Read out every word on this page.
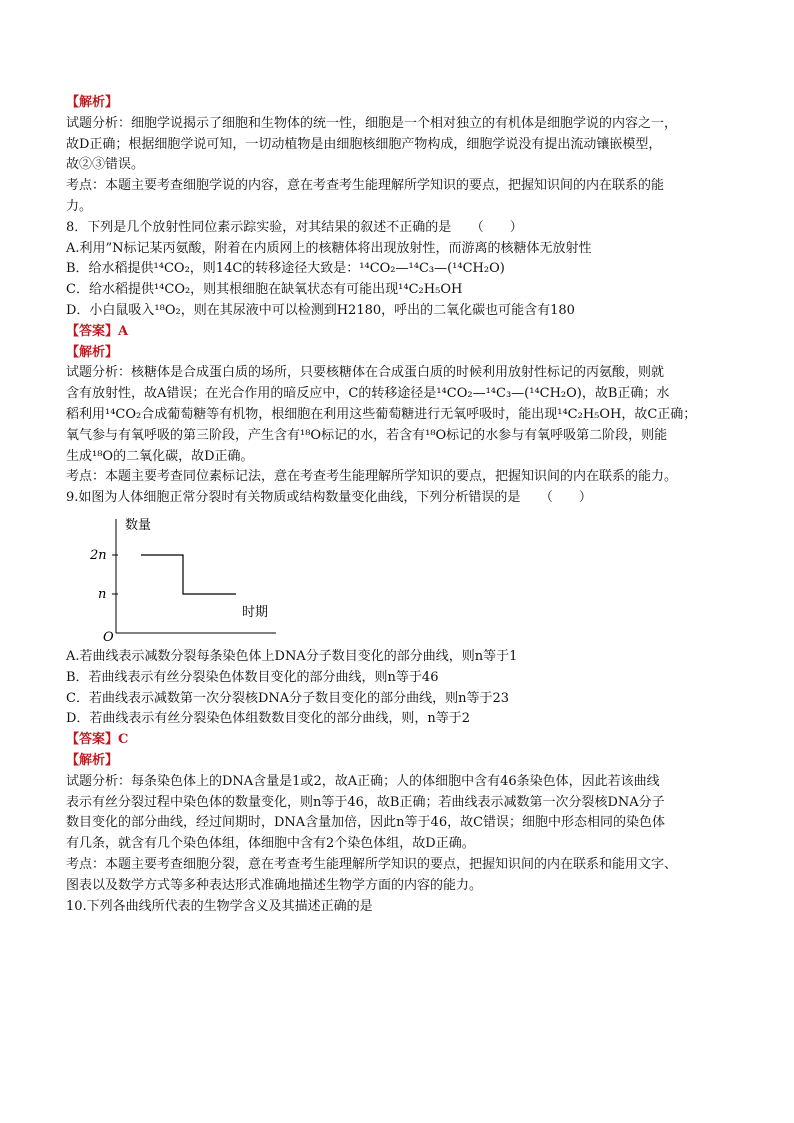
【解析】
试题分析：细胞学说揭示了细胞和生物体的统一性，细胞是一个相对独立的有机体是细胞学说的内容之一，
故D正确；根据细胞学说可知，一切动植物是由细胞核细胞产物构成，细胞学说没有提出流动镶嵌模型，
故②③错误。
考点：本题主要考查细胞学说的内容，意在考查考生能理解所学知识的要点，把握知识间的内在联系的能
力。
8．下列是几个放射性同位素示踪实验，对其结果的叙述不正确的是　　（　　）
A.利用”N标记某丙氨酸，附着在内质网上的核糖体将出现放射性，而游离的核糖体无放射性
B．给水稻提供¹⁴CO₂，则14C的转移途径大致是：¹⁴CO₂—¹⁴C₃—(¹⁴CH₂O)
C．给水稻提供¹⁴CO₂，则其根细胞在缺氧状态有可能出现¹⁴C₂H₅OH
D．小白鼠吸入¹⁸O₂，则在其尿液中可以检测到H2180，呼出的二氧化碳也可能含有180
【答案】A
【解析】
试题分析：核糖体是合成蛋白质的场所，只要核糖体在合成蛋白质的时候利用放射性标记的丙氨酸，则就
含有放射性，故A错误；在光合作用的暗反应中，C的转移途径是¹⁴CO₂—¹⁴C₃—(¹⁴CH₂O)，故B正确；水
稻利用¹⁴CO₂合成葡萄糖等有机物，根细胞在利用这些葡萄糖进行无氧呼吸时，能出现¹⁴C₂H₅OH，故C正确；
氧气参与有氧呼吸的第三阶段，产生含有¹⁸O标记的水，若含有¹⁸O标记的水参与有氧呼吸第二阶段，则能
生成¹⁸O的二氧化碳，故D正确。
考点：本题主要考查同位素标记法，意在考查考生能理解所学知识的要点，把握知识间的内在联系的能力。
9.如图为人体细胞正常分裂时有关物质或结构数量变化曲线，下列分析错误的是　　（　　）
数量
2n
n
O
时期
A.若曲线表示减数分裂每条染色体上DNA分子数目变化的部分曲线，则n等于1
B．若曲线表示有丝分裂染色体数目变化的部分曲线，则n等于46
C．若曲线表示减数第一次分裂核DNA分子数目变化的部分曲线，则n等于23
D．若曲线表示有丝分裂染色体组数数目变化的部分曲线，则，n等于2
【答案】C
【解析】
试题分析：每条染色体上的DNA含量是1或2，故A正确；人的体细胞中含有46条染色体，因此若该曲线
表示有丝分裂过程中染色体的数量变化，则n等于46，故B正确；若曲线表示减数第一次分裂核DNA分子
数目变化的部分曲线，经过间期时，DNA含量加倍，因此n等于46，故C错误；细胞中形态相同的染色体
有几条，就含有几个染色体组，体细胞中含有2个染色体组，故D正确。
考点：本题主要考查细胞分裂，意在考查考生能理解所学知识的要点，把握知识间的内在联系和能用文字、
图表以及数学方式等多种表达形式准确地描述生物学方面的内容的能力。
10.下列各曲线所代表的生物学含义及其描述正确的是
